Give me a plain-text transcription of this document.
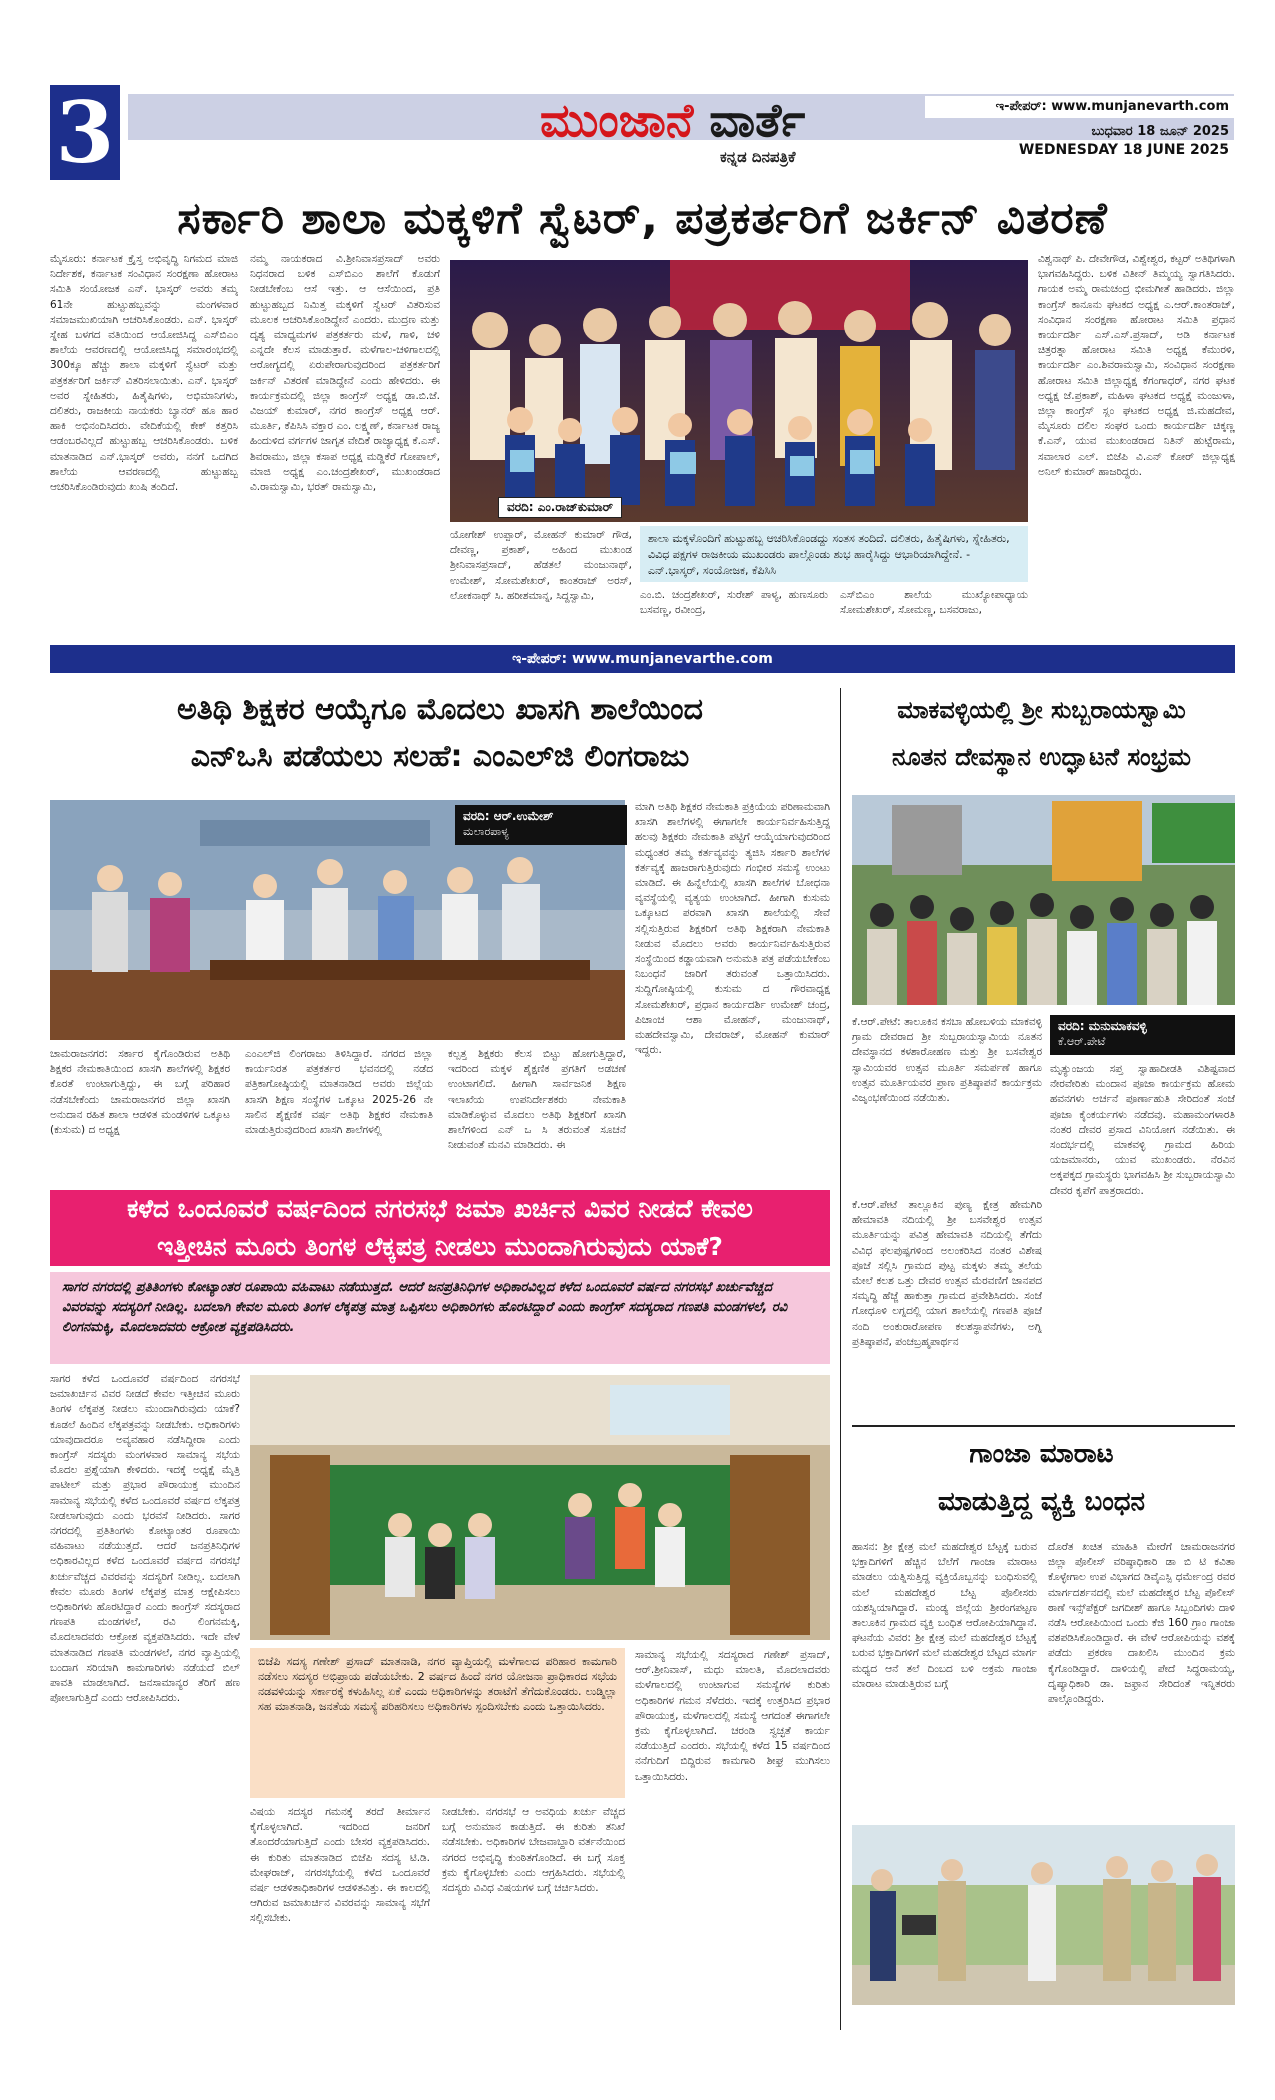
3	ಮುಂಜಾನೆ ವಾರ್ತೆ
ಕನ್ನಡ ದಿನಪತ್ರಿಕೆ
ಇ-ಪೇಪರ್: www.munjanevarth.com
ಬುಧವಾರ 18 ಜೂನ್ 2025
WEDNESDAY 18 JUNE 2025
ಸರ್ಕಾರಿ ಶಾಲಾ ಮಕ್ಕಳಿಗೆ ಸ್ವೆಟರ್, ಪತ್ರಕರ್ತರಿಗೆ ಜರ್ಕಿನ್ ವಿತರಣೆ
ಮೈಸೂರು: ಕರ್ನಾಟಕ ಕ್ರೈಸ್ತ ಅಭಿವೃದ್ಧಿ ನಿಗಮದ ಮಾಜಿ ನಿರ್ದೇಶಕ, ಕರ್ನಾಟಕ ಸಂವಿಧಾನ ಸಂರಕ್ಷಣಾ ಹೋರಾಟ ಸಮಿತಿ ಸಂಯೋಜಕ ಎನ್. ಭಾಸ್ಕರ್ ಅವರು ತಮ್ಮ 61ನೇ ಹುಟ್ಟುಹಬ್ಬವನ್ನು ಮಂಗಳವಾರ ಸಮಾಜಮುಖಿಯಾಗಿ ಆಚರಿಸಿಕೊಂಡರು. ಎನ್. ಭಾಸ್ಕರ್ ಸ್ನೇಹ ಬಳಗದ ವತಿಯಿಂದ ಆಯೋಜಿಸಿದ್ದ ಎಸ್‌ಬಿಎಂ ಶಾಲೆಯ ಆವರಣದಲ್ಲಿ ಆಯೋಜಿಸಿದ್ದ ಸಮಾರಂಭದಲ್ಲಿ 300ಕ್ಕೂ ಹೆಚ್ಚು ಶಾಲಾ ಮಕ್ಕಳಿಗೆ ಸ್ವೆಟರ್ ಮತ್ತು ಪತ್ರಕರ್ತರಿಗೆ ಜರ್ಕಿನ್ ವಿತರಿಸಲಾಯಿತು. ಎನ್. ಭಾಸ್ಕರ್ ಅವರ ಸ್ನೇಹಿತರು, ಹಿತೈಷಿಗಳು, ಅಭಿಮಾನಿಗಳು, ದಲಿತರು, ರಾಜಕೀಯ ನಾಯಕರು ಬ್ಯಾನರ್ ಹೂ ಹಾರ ಹಾಕಿ ಅಭಿನಂದಿಸಿದರು. ವೇದಿಕೆಯಲ್ಲಿ ಕೇಕ್ ಕತ್ತರಿಸಿ ಆಡಂಬರವಿಲ್ಲದೆ ಹುಟ್ಟುಹಬ್ಬ ಆಚರಿಸಿಕೊಂಡರು. ಬಳಿಕ ಮಾತನಾಡಿದ ಎನ್.ಭಾಸ್ಕರ್ ಅವರು, ನನಗೆ ಒದಗಿದ ಶಾಲೆಯ ಆವರಣದಲ್ಲಿ ಹುಟ್ಟುಹಬ್ಬ ಆಚರಿಸಿಕೊಂಡಿರುವುದು ಖುಷಿ ತಂದಿದೆ.
ನಮ್ಮ ನಾಯಕರಾದ ವಿ.ಶ್ರೀನಿವಾಸಪ್ರಸಾದ್ ಅವರು ನಿಧನರಾದ ಬಳಿಕ ಎಸ್‌ಬಿಎಂ ಶಾಲೆಗೆ ಕೊಡುಗೆ ನೀಡಬೇಕೆಂಬ ಆಸೆ ಇತ್ತು. ಆ ಆಸೆಯಿಂದ, ಪ್ರತಿ ಹುಟ್ಟುಹಬ್ಬದ ನಿಮಿತ್ತ ಮಕ್ಕಳಿಗೆ ಸ್ವೆಟರ್ ವಿತರಿಸುವ ಮೂಲಕ ಆಚರಿಸಿಕೊಂಡಿದ್ದೇನೆ ಎಂದರು. ಮುದ್ರಣ ಮತ್ತು ದೃಶ್ಯ ಮಾಧ್ಯಮಗಳ ಪತ್ರಕರ್ತರು ಮಳೆ, ಗಾಳಿ, ಚಳಿ ಎನ್ನದೇ ಕೆಲಸ ಮಾಡುತ್ತಾರೆ. ಮಳೆಗಾಲ-ಚಳಿಗಾಲದಲ್ಲಿ ಆರೋಗ್ಯದಲ್ಲಿ ಏರುಪೇರಾಗುವುದರಿಂದ ಪತ್ರಕರ್ತರಿಗೆ ಜರ್ಕಿನ್ ವಿತರಣೆ ಮಾಡಿದ್ದೇನೆ ಎಂದು ಹೇಳಿದರು. ಈ ಕಾರ್ಯಕ್ರಮದಲ್ಲಿ ಜಿಲ್ಲಾ ಕಾಂಗ್ರೆಸ್ ಅಧ್ಯಕ್ಷ ಡಾ.ಬಿ.ಜೆ. ವಿಜಯ್ ಕುಮಾರ್, ನಗರ ಕಾಂಗ್ರೆಸ್ ಅಧ್ಯಕ್ಷ ಆರ್. ಮೂರ್ತಿ, ಕೆಪಿಸಿಸಿ ವಕ್ತಾರ ಎಂ. ಲಕ್ಷ್ಮಣ್, ಕರ್ನಾಟಕ ರಾಜ್ಯ ಹಿಂದುಳಿದ ವರ್ಗಗಳ ಜಾಗೃತ ವೇದಿಕೆ ರಾಜ್ಯಾಧ್ಯಕ್ಷ ಕೆ.ಎಸ್. ಶಿವರಾಮು, ಜಿಲ್ಲಾ ಕಸಾಪ ಅಧ್ಯಕ್ಷ ಮಡ್ಡಿಕೆರೆ ಗೋಪಾಲ್, ಮಾಜಿ ಅಧ್ಯಕ್ಷ ಎಂ.ಚಂದ್ರಶೇಖರ್, ಮುಖಂಡರಾದ ವಿ.ರಾಮಸ್ವಾಮಿ, ಭರತ್ ರಾಮಸ್ವಾಮಿ,
ವರದಿ: ಎಂ.ರಾಜ್‌ಕುಮಾರ್
ಯೋಗೇಶ್ ಉಪ್ಪಾರ್, ಮೋಹನ್ ಕುಮಾರ್ ಗೌಡ, ದೇವಣ್ಣ, ಪ್ರಕಾಶ್, ಅಹಿಂದ ಮುಖಂಡ ಶ್ರೀನಿವಾಸಪ್ರಸಾದ್, ಹೆಡತಲೆ ಮಂಜುನಾಥ್, ಉಮೇಶ್, ಸೋಮಶೇಖರ್, ಕಾಂತರಾಜ್ ಅರಸ್, ಲೋಕನಾಥ್ ಸಿ. ಹರೀಶಮಾನ್ನ, ಸಿದ್ದಸ್ವಾಮಿ,
ಶಾಲಾ ಮಕ್ಕಳೊಂದಿಗೆ ಹುಟ್ಟುಹಬ್ಬ ಆಚರಿಸಿಕೊಂಡದ್ದು ಸಂತಸ ತಂದಿದೆ. ದಲಿತರು, ಹಿತೈಷಿಗಳು, ಸ್ನೇಹಿತರು, ವಿವಿಧ ಪಕ್ಷಗಳ ರಾಜಕೀಯ ಮುಖಂಡರು ಪಾಲ್ಗೊಂಡು ಶುಭ ಹಾರೈಸಿದ್ದು ಆಭಾರಿಯಾಗಿದ್ದೇನೆ. - ಎನ್.ಭಾಸ್ಕರ್, ಸಂಯೋಜಕ, ಕೆಪಿಸಿಸಿ
ಎಂ.ಬಿ. ಚಂದ್ರಶೇಖರ್, ಸುರೇಶ್ ಪಾಳ್ಯ, ಹುಣಸೂರು ಬಸವಣ್ಣ, ರವೀಂದ್ರ,
ಎಸ್‌ಬಿಎಂ ಶಾಲೆಯ ಮುಖ್ಯೋಪಾಧ್ಯಾಯ ಸೋಮಶೇಖರ್, ಸೋಮಣ್ಣ, ಬಸವರಾಜು,
ವಿಶ್ವನಾಥ್ ಪಿ. ದೇವೇಗೌಡ, ವಿಶ್ವೇಶ್ವರ, ಕಟ್ಟರ್ ಅತಿಥಿಗಳಾಗಿ ಭಾಗವಹಿಸಿದ್ದರು. ಬಳಿಕ ವಿತೀನ್ ತಿಮ್ಮಯ್ಯ ಸ್ವಾಗತಿಸಿದರು. ಗಾಯಕ ಅಮ್ಮ ರಾಮಚಂದ್ರ ಭೀಮಗೀತೆ ಹಾಡಿದರು. ಜಿಲ್ಲಾ ಕಾಂಗ್ರೆಸ್ ಕಾನೂನು ಘಟಕದ ಅಧ್ಯಕ್ಷ ಎ.ಆರ್.ಕಾಂತರಾಜ್, ಸಂವಿಧಾನ ಸಂರಕ್ಷಣಾ ಹೋರಾಟ ಸಮಿತಿ ಪ್ರಧಾನ ಕಾರ್ಯದರ್ಶಿ ಎಸ್.ಎಸ್.ಪ್ರಸಾದ್, ಅಡಿ ಕರ್ನಾಟಕ ಚಿತ್ರರತ್ನಾ ಹೋರಾಟ ಸಮಿತಿ ಅಧ್ಯಕ್ಷ ಕೆಮುರಳಿ, ಕಾರ್ಯದರ್ಶಿ ಎಂ.ಶಿವರಾಮಸ್ವಾಮಿ, ಸಂವಿಧಾನ ಸಂರಕ್ಷಣಾ ಹೋರಾಟ ಸಮಿತಿ ಜಿಲ್ಲಾಧ್ಯಕ್ಷ ಕೆಗಂಗಾಧರ್, ನಗರ ಘಟಕ ಅಧ್ಯಕ್ಷ ಜೆ.ಪ್ರಕಾಶ್, ಮಹಿಳಾ ಘಟಕದ ಅಧ್ಯಕ್ಷೆ ಮಂಜುಳಾ, ಜಿಲ್ಲಾ ಕಾಂಗ್ರೆಸ್ ಸ್ಲಂ ಘಟಕದ ಅಧ್ಯಕ್ಷ ಜಿ.ಮಹದೇವ, ಮೈಸೂರು ದಲಿಲ ಸಂಘರ ಒಂದು ಕಾರ್ಯದರ್ಶಿ ಚಿಕ್ಕಣ್ಣ ಕೆ.ಎನ್, ಯುವ ಮುಖಂಡರಾದ ನಿತಿನ್ ಹುಟ್ಟೆರಾಮ, ಸವಾಲಾರ ಎಲ್. ಬಿಜೆಪಿ ವಿ.ಎನ್ ಕೋರ್ ಜಿಲ್ಲಾಧ್ಯಕ್ಷ ಅನಿಲ್ ಕುಮಾರ್ ಹಾಜರಿದ್ದರು.
ಇ-ಪೇಪರ್: www.munjanevarthe.com
ಅತಿಥಿ ಶಿಕ್ಷಕರ ಆಯ್ಕೆಗೂ ಮೊದಲು ಖಾಸಗಿ ಶಾಲೆಯಿಂದ
ಎನ್‌ಒಸಿ ಪಡೆಯಲು ಸಲಹೆ: ಎಂಎಲ್‌ಜಿ ಲಿಂಗರಾಜು
ವರದಿ: ಆರ್.ಉಮೇಶ್
ಮಲಾರಪಾಳ್ಯ
ಮಾಗಿ ಅತಿಥಿ ಶಿಕ್ಷಕರ ನೇಮಕಾತಿ ಪ್ರಕ್ರಿಯೆಯ ಪರಿಣಾಮವಾಗಿ ಖಾಸಗಿ ಶಾಲೆಗಳಲ್ಲಿ ಈಗಾಗಲೇ ಕಾರ್ಯನಿರ್ವಹಿಸುತ್ತಿದ್ದ ಹಲವು ಶಿಕ್ಷಕರು ನೇಮಕಾತಿ ಪಟ್ಟಿಗೆ ಆಯ್ಕೆಯಾಗುವುದರಿಂದ ಮಧ್ಯಂತರ ತಮ್ಮ ಕರ್ತವ್ಯವನ್ನು ತ್ಯಜಿಸಿ ಸರ್ಕಾರಿ ಶಾಲೆಗಳ ಕರ್ತವ್ಯಕ್ಕೆ ಹಾಜರಾಗುತ್ತಿರುವುದು ಗಂಭೀರ ಸಮಸ್ಯೆ ಉಂಟು ಮಾಡಿದೆ. ಈ ಹಿನ್ನೆಲೆಯಲ್ಲಿ ಖಾಸಗಿ ಶಾಲೆಗಳ ಬೋಧನಾ ವ್ಯವಸ್ಥೆಯಲ್ಲಿ ವ್ಯತ್ಯಯ ಉಂಟಾಗಿದೆ. ಹೀಗಾಗಿ ಕುಸುಮ ಒಕ್ಕೂಟದ ಪರವಾಗಿ ಖಾಸಗಿ ಶಾಲೆಯಲ್ಲಿ ಸೇವೆ ಸಲ್ಲಿಸುತ್ತಿರುವ ಶಿಕ್ಷಕರಿಗೆ ಅತಿಥಿ ಶಿಕ್ಷಕರಾಗಿ ನೇಮಕಾತಿ ನೀಡುವ ಮೊದಲು ಅವರು ಕಾರ್ಯನಿರ್ವಹಿಸುತ್ತಿರುವ ಸಂಸ್ಥೆಯಿಂದ ಕಡ್ಡಾಯವಾಗಿ ಅನುಮತಿ ಪತ್ರ ಪಡೆಯಬೇಕೆಂಬ ನಿಬಂಧನೆ ಜಾರಿಗೆ ತರುವಂತೆ ಒತ್ತಾಯಿಸಿದರು. ಸುದ್ದಿಗೋಷ್ಠಿಯಲ್ಲಿ ಕುಸುಮ ದ ಗೌರವಾಧ್ಯಕ್ಷ ಸೋಮಶೇಖರ್, ಪ್ರಧಾನ ಕಾರ್ಯದರ್ಶಿ ಉಮೇಶ್ ಚಂದ್ರ, ಪಿಚಾಂಚ ಆಶಾ ಮೋಹನ್, ಮಂಜುನಾಥ್, ಮಹದೇವಸ್ವಾಮಿ, ದೇವರಾಜ್, ಮೋಹನ್ ಕುಮಾರ್ ಇದ್ದರು.
ಚಾಮರಾಜನಗರ: ಸರ್ಕಾರ ಕೈಗೊಂಡಿರುವ ಅತಿಥಿ ಶಿಕ್ಷಕರ ನೇಮಕಾತಿಯಿಂದ ಖಾಸಗಿ ಶಾಲೆಗಳಲ್ಲಿ ಶಿಕ್ಷಕರ ಕೊರತೆ ಉಂಟಾಗುತ್ತಿದ್ದು, ಈ ಬಗ್ಗೆ ಪರಿಹಾರ ನಡೆಸಬೇಕೆಂದು ಚಾಮರಾಜನಗರ ಜಿಲ್ಲಾ ಖಾಸಗಿ ಅನುದಾನ ರಹಿತ ಶಾಲಾ ಆಡಳಿತ ಮಂಡಳಿಗಳ ಒಕ್ಕೂಟ (ಕುಸುಮ) ದ ಅಧ್ಯಕ್ಷ
ಎಂಎಲ್‌ಜಿ ಲಿಂಗರಾಜು ತಿಳಿಸಿದ್ದಾರೆ. ನಗರದ ಜಿಲ್ಲಾ ಕಾರ್ಯನಿರತ ಪತ್ರಕರ್ತರ ಭವನದಲ್ಲಿ ನಡೆದ ಪತ್ರಿಕಾಗೋಷ್ಠಿಯಲ್ಲಿ ಮಾತನಾಡಿದ ಅವರು ಜಿಲ್ಲೆಯ ಖಾಸಗಿ ಶಿಕ್ಷಣ ಸಂಸ್ಥೆಗಳ ಒಕ್ಕೂಟ 2025-26 ನೇ ಸಾಲಿನ ಶೈಕ್ಷಣಿಕ ವರ್ಷ ಅತಿಥಿ ಶಿಕ್ಷಕರ ನೇಮಕಾತಿ ಮಾಡುತ್ತಿರುವುದರಿಂದ ಖಾಸಗಿ ಶಾಲೆಗಳಲ್ಲಿ
ಕಲ್ಪತ್ತ ಶಿಕ್ಷಕರು ಕೆಲಸ ಬಿಟ್ಟು ಹೋಗುತ್ತಿದ್ದಾರೆ, ಇದರಿಂದ ಮಕ್ಕಳ ಶೈಕ್ಷಣಿಕ ಪ್ರಗತಿಗೆ ಅಡಚಣೆ ಉಂಟಾಗಲಿದೆ. ಹೀಗಾಗಿ ಸಾರ್ವಜನಿಕ ಶಿಕ್ಷಣ ಇಲಾಖೆಯ ಉಪನಿರ್ದೇಶಕರು ನೇಮಕಾತಿ ಮಾಡಿಕೊಳ್ಳುವ ಮೊದಲು ಅತಿಥಿ ಶಿಕ್ಷಕರಿಗೆ ಖಾಸಗಿ ಶಾಲೆಗಳಿಂದ ಎನ್ ಒ ಸಿ ತರುವಂತೆ ಸೂಚನೆ ನೀಡುವಂತೆ ಮನವಿ ಮಾಡಿದರು. ಈ
ಮಾಕವಳ್ಳಿಯಲ್ಲಿ ಶ್ರೀ ಸುಬ್ಬರಾಯಸ್ವಾಮಿ
ನೂತನ ದೇವಸ್ಥಾನ ಉದ್ಘಾಟನೆ ಸಂಭ್ರಮ
ಕೆ.ಆರ್.ಪೇಟೆ: ತಾಲೂಕಿನ ಕಸಬಾ ಹೋಬಳಿಯ ಮಾಕವಳ್ಳಿ ಗ್ರಾಮ ದೇವರಾದ ಶ್ರೀ ಸುಬ್ಬರಾಯಸ್ವಾಮಿಯ ನೂತನ ದೇವಸ್ಥಾನದ ಕಳಶಾರೋಹಣ ಮತ್ತು ಶ್ರೀ ಬಸವೇಶ್ವರ ಸ್ವಾಮಿಯವರ ಉತ್ಸವ ಮೂರ್ತಿ ಸಮರ್ಪಣೆ ಹಾಗೂ ಉತ್ಸವ ಮೂರ್ತಿಯವರ ಪ್ರಾಣ ಪ್ರತಿಷ್ಠಾಪನೆ ಕಾರ್ಯಕ್ರಮ ವಿಜೃಂಭಣೆಯಿಂದ ನಡೆಯಿತು.
ವರದಿ: ಮನುಮಾಕವಳ್ಳಿ
ಕೆ.ಆರ್.ಪೇಟೆ
ಕೆ.ಆರ್.ಪೇಟೆ ತಾಲ್ಲೂಕಿನ ಪುಣ್ಯ ಕ್ಷೇತ್ರ ಹೇಮಗಿರಿ ಹೇಮಾವತಿ ನದಿಯಲ್ಲಿ ಶ್ರೀ ಬಸವೇಶ್ವರ ಉತ್ಸವ ಮೂರ್ತಿಯನ್ನು ಪವಿತ್ರ ಹೇಮಾವತಿ ನದಿಯಲ್ಲಿ ತೆಗೆದು ವಿವಿಧ ಫಲಪುಷ್ಪಗಳಿಂದ ಅಲಂಕರಿಸಿದ ನಂತರ ವಿಶೇಷ ಪೂಜೆ ಸಲ್ಲಿಸಿ ಗ್ರಾಮದ ಪುಟ್ಟ ಮಕ್ಕಳು ತಮ್ಮ ತಲೆಯ ಮೇಲೆ ಕಲಶ ಒತ್ತು ದೇವರ ಉತ್ಸವ ಮೆರವಣಿಗೆ ಜಾನಪದ ಸಮೃದ್ಧಿ ಹೆಜ್ಜೆ ಹಾಕುತ್ತಾ ಗ್ರಾಮದ ಪ್ರವೇಶಿಸಿದರು. ಸಂಜೆ ಗೋಧೂಳಿ ಲಗ್ನದಲ್ಲಿ ಯಾಗ ಶಾಲೆಯಲ್ಲಿ ಗಣಪತಿ ಪೂಜೆ ನಂದಿ ಅಂಕುರಾರೋಪಣ ಕಲಶಸ್ಥಾಪನೆಗಳು, ಅಗ್ನಿ ಪ್ರತಿಷ್ಠಾಪನೆ, ಪಂಚಬ್ರಹ್ಮಪಾರ್ಥನ
ಮೃತ್ಯುಂಜಯ ಸಪ್ತ ಸ್ವಾಹಾದೀಡತಿ ವಿಶಿಷ್ಟವಾದ ನೇರವೇರಿತು ಮಂದಾನ ಪೂಜಾ ಕಾರ್ಯಕ್ರಮ ಹೋಮ ಹವನಗಳು ಅರ್ಚನೆ ಪೂರ್ಣಾಹುತಿ ಸೇರಿದಂತೆ ಸಂಜೆ ಪೂಜಾ ಕೈಂಕರ್ಯಗಳು ನಡೆದವು. ಮಹಾಮಂಗಳಾರತಿ ನಂತರ ದೇವರ ಪ್ರಸಾದ ವಿನಿಯೋಗ ನಡೆಯಿತು. ಈ ಸಂದರ್ಭದಲ್ಲಿ ಮಾಕವಳ್ಳಿ ಗ್ರಾಮದ ಹಿರಿಯ ಯಜಮಾನರು, ಯುವ ಮುಖಂಡರು. ನೆರವಿನ ಅಕ್ಕಪಕ್ಕದ ಗ್ರಾಮಸ್ಥರು ಭಾಗವಹಿಸಿ ಶ್ರೀ ಸುಬ್ಬರಾಯಸ್ವಾಮಿ ದೇವರ ಕೃಪೆಗೆ ಪಾತ್ರರಾದರು.
ಕಳೆದ ಒಂದೂವರೆ ವರ್ಷದಿಂದ ನಗರಸಭೆ ಜಮಾ ಖರ್ಚಿನ ವಿವರ ನೀಡದೆ ಕೇವಲ
ಇತ್ತೀಚಿನ ಮೂರು ತಿಂಗಳ ಲೆಕ್ಕಪತ್ರ ನೀಡಲು ಮುಂದಾಗಿರುವುದು ಯಾಕೆ?
ಸಾಗರ ನಗರದಲ್ಲಿ ಪ್ರತಿತಿಂಗಳು ಕೋಟ್ಯಾಂತರ ರೂಪಾಯಿ ವಹಿವಾಟು ನಡೆಯುತ್ತದೆ. ಆದರೆ ಜನಪ್ರತಿನಿಧಿಗಳ ಅಧಿಕಾರವಿಲ್ಲದ ಕಳೆದ ಒಂದೂವರೆ ವರ್ಷದ ನಗರಸಭೆ ಖರ್ಚುವೆಚ್ಚದ ವಿವರವನ್ನು ಸದಸ್ಯರಿಗೆ ನೀಡಿಲ್ಲ. ಬದಲಾಗಿ ಕೇವಲ ಮೂರು ತಿಂಗಳ ಲೆಕ್ಕಪತ್ರ ಮಾತ್ರ ಒಪ್ಪಿಸಲು ಅಧಿಕಾರಿಗಳು ಹೊರಟಿದ್ದಾರೆ ಎಂದು ಕಾಂಗ್ರೆಸ್ ಸದಸ್ಯರಾದ ಗಣಪತಿ ಮಂಡಗಳಲೆ, ರವಿ ಲಿಂಗನಮಕ್ಕಿ, ಮೊದಲಾದವರು ಆಕ್ರೋಶ ವ್ಯಕ್ತಪಡಿಸಿದರು.
ಸಾಗರ ಕಳೆದ ಒಂದೂವರೆ ವರ್ಷದಿಂದ ನಗರಸಭೆ ಜಮಾಖರ್ಚಿನ ವಿವರ ನೀಡದೆ ಕೇವಲ ಇತ್ತೀಚಿನ ಮೂರು ತಿಂಗಳ ಲೆಕ್ಕಪತ್ರ ನೀಡಲು ಮುಂದಾಗಿರುವುದು ಯಾಕೆ? ಕೂಡಲೆ ಹಿಂದಿನ ಲೆಕ್ಕಪತ್ರವನ್ನು ನೀಡಬೇಕು. ಅಧಿಕಾರಿಗಳು ಯಾವುದಾದರೂ ಅವ್ಯವಹಾರ ನಡೆಸಿದ್ದೀರಾ ಎಂದು ಕಾಂಗ್ರೆಸ್ ಸದಸ್ಯರು ಮಂಗಳವಾರ ಸಾಮಾನ್ಯ ಸಭೆಯ ಮೊದಲ ಪ್ರಶ್ನೆಯಾಗಿ ಕೇಳಿದರು. ಇದಕ್ಕೆ ಅಧ್ಯಕ್ಷೆ ಮೈತ್ರಿ ಪಾಟೀಲ್ ಮತ್ತು ಪ್ರಭಾರ ಪೌರಾಯುಕ್ತ ಮುಂದಿನ ಸಾಮಾನ್ಯ ಸಭೆಯಲ್ಲಿ ಕಳೆದ ಒಂದೂವರೆ ವರ್ಷದ ಲೆಕ್ಕಪತ್ರ ನೀಡಲಾಗುವುದು ಎಂದು ಭರವಸೆ ನೀಡಿದರು. ಸಾಗರ ನಗರದಲ್ಲಿ ಪ್ರತಿತಿಂಗಳು ಕೋಟ್ಯಾಂತರ ರೂಪಾಯಿ ವಹಿವಾಟು ನಡೆಯುತ್ತದೆ. ಆದರೆ ಜನಪ್ರತಿನಿಧಿಗಳ ಅಧಿಕಾರವಿಲ್ಲದ ಕಳೆದ ಒಂದೂವರೆ ವರ್ಷದ ನಗರಸಭೆ ಖರ್ಚುವೆಚ್ಚದ ವಿವರವನ್ನು ಸದಸ್ಯರಿಗೆ ನೀಡಿಲ್ಲ. ಬದಲಾಗಿ ಕೇವಲ ಮೂರು ತಿಂಗಳ ಲೆಕ್ಕಪತ್ರ ಮಾತ್ರ ಆಕ್ಷೇಪಿಸಲು ಅಧಿಕಾರಿಗಳು ಹೊರಟಿದ್ದಾರೆ ಎಂದು ಕಾಂಗ್ರೆಸ್ ಸದಸ್ಯರಾದ ಗಣಪತಿ ಮಂಡಗಳಲೆ, ರವಿ ಲಿಂಗನಮಕ್ಕಿ, ಮೊದಲಾದವರು ಆಕ್ರೋಶ ವ್ಯಕ್ತಪಡಿಸಿದರು. ಇದೇ ವೇಳೆ ಮಾತನಾಡಿದ ಗಣಪತಿ ಮಂಡಗಳಲೆ, ನಗರ ವ್ಯಾಪ್ತಿಯಲ್ಲಿ ಬಂದಾಗ ಸರಿಯಾಗಿ ಕಾಮಗಾರಿಗಳು ನಡೆಯದೆ ಬಿಲ್ ಪಾವತಿ ಮಾಡಲಾಗಿದೆ. ಜನಸಾಮಾನ್ಯರ ತೆರಿಗೆ ಹಣ ಪೋಲಾಗುತ್ತಿದೆ ಎಂದು ಆರೋಪಿಸಿದರು.
ಬಿಜೆಪಿ ಸದಸ್ಯ ಗಣೇಶ್ ಪ್ರಸಾದ್ ಮಾತನಾಡಿ, ನಗರ ವ್ಯಾಪ್ತಿಯಲ್ಲಿ ಮಳೆಗಾಲದ ಪರಿಹಾರ ಕಾಮಗಾರಿ ನಡೆಸಲು ಸದಸ್ಯರ ಅಭಿಪ್ರಾಯ ಪಡೆಯಬೇಕು. 2 ವರ್ಷದ ಹಿಂದೆ ನಗರ ಯೋಜನಾ ಪ್ರಾಧಿಕಾರದ ಸಭೆಯ ನಡವಳಿಯನ್ನು ಸರ್ಕಾರಕ್ಕೆ ಕಳುಹಿಸಿಲ್ಲ ಏಕೆ ಎಂದು ಅಧಿಕಾರಿಗಳನ್ನು ತರಾಟೆಗೆ ತೆಗೆದುಕೊಂಡರು. ಲುಡ್ಮಿಲ್ಲಾ ಸಹ ಮಾತನಾಡಿ, ಜನತೆಯ ಸಮಸ್ಯೆ ಪರಿಹರಿಸಲು ಅಧಿಕಾರಿಗಳು ಸ್ಪಂದಿಸಬೇಕು ಎಂದು ಒತ್ತಾಯಿಸಿದರು.
ಸಾಮಾನ್ಯ ಸಭೆಯಲ್ಲಿ ಸದಸ್ಯರಾದ ಗಣೇಶ್ ಪ್ರಸಾದ್, ಆರ್.ಶ್ರೀನಿವಾಸ್, ಮಧು ಮಾಲತಿ, ಮೊದಲಾದವರು ಮಳೆಗಾಲದಲ್ಲಿ ಉಂಟಾಗುವ ಸಮಸ್ಯೆಗಳ ಕುರಿತು ಅಧಿಕಾರಿಗಳ ಗಮನ ಸೆಳೆದರು. ಇದಕ್ಕೆ ಉತ್ತರಿಸಿದ ಪ್ರಭಾರ ಪೌರಾಯುಕ್ತ, ಮಳೆಗಾಲದಲ್ಲಿ ಸಮಸ್ಯೆ ಆಗದಂತೆ ಈಗಾಗಲೇ ಕ್ರಮ ಕೈಗೊಳ್ಳಲಾಗಿದೆ. ಚರಂಡಿ ಸ್ವಚ್ಛತೆ ಕಾರ್ಯ ನಡೆಯುತ್ತಿದೆ ಎಂದರು. ಸಭೆಯಲ್ಲಿ ಕಳೆದ 15 ವರ್ಷದಿಂದ ನನೆಗುದಿಗೆ ಬಿದ್ದಿರುವ ಕಾಮಗಾರಿ ಶೀಘ್ರ ಮುಗಿಸಲು ಒತ್ತಾಯಿಸಿದರು.
ವಿಷಯ ಸದಸ್ಯರ ಗಮನಕ್ಕೆ ತರದೆ ತೀರ್ಮಾನ ಕೈಗೊಳ್ಳಲಾಗಿದೆ. ಇದರಿಂದ ಜನರಿಗೆ ತೊಂದರೆಯಾಗುತ್ತಿದೆ ಎಂದು ಬೇಸರ ವ್ಯಕ್ತಪಡಿಸಿದರು. ಈ ಕುರಿತು ಮಾತನಾಡಿದ ಬಿಜೆಪಿ ಸದಸ್ಯ ಟಿ.ಡಿ. ಮೇಘರಾಜ್, ನಗರಸಭೆಯಲ್ಲಿ ಕಳೆದ ಒಂದೂವರೆ ವರ್ಷ ಆಡಳಿತಾಧಿಕಾರಿಗಳ ಆಡಳಿತವಿತ್ತು. ಈ ಕಾಲದಲ್ಲಿ ಆಗಿರುವ ಜಮಾಖರ್ಚಿನ ವಿವರವನ್ನು ಸಾಮಾನ್ಯ ಸಭೆಗೆ ಸಲ್ಲಿಸಬೇಕು.
ನೀಡಬೇಕು. ನಗರಸಭೆ ಆ ಅವಧಿಯ ಖರ್ಚು ವೆಚ್ಚದ ಬಗ್ಗೆ ಅನುಮಾನ ಕಾಡುತ್ತಿದೆ. ಈ ಕುರಿತು ತನಿಖೆ ನಡೆಸಬೇಕು. ಅಧಿಕಾರಿಗಳ ಬೇಜವಾಬ್ದಾರಿ ವರ್ತನೆಯಿಂದ ನಗರದ ಅಭಿವೃದ್ಧಿ ಕುಂಠಿತಗೊಂಡಿದೆ. ಈ ಬಗ್ಗೆ ಸೂಕ್ತ ಕ್ರಮ ಕೈಗೊಳ್ಳಬೇಕು ಎಂದು ಆಗ್ರಹಿಸಿದರು. ಸಭೆಯಲ್ಲಿ ಸದಸ್ಯರು ವಿವಿಧ ವಿಷಯಗಳ ಬಗ್ಗೆ ಚರ್ಚಿಸಿದರು.
ಗಾಂಜಾ ಮಾರಾಟ
ಮಾಡುತ್ತಿದ್ದ ವ್ಯಕ್ತಿ ಬಂಧನ
ಹಾಸನ: ಶ್ರೀ ಕ್ಷೇತ್ರ ಮಲೆ ಮಹದೇಶ್ವರ ಬೆಟ್ಟಕ್ಕೆ ಬರುವ ಭಕ್ತಾದಿಗಳಿಗೆ ಹೆಚ್ಚಿನ ಬೆಲೆಗೆ ಗಾಂಜಾ ಮಾರಾಟ ಮಾಡಲು ಯತ್ನಿಸುತ್ತಿದ್ದ ವ್ಯಕ್ತಿಯೊಬ್ಬನನ್ನು ಬಂಧಿಸುವಲ್ಲಿ ಮಲೆ ಮಹದೇಶ್ವರ ಬೆಟ್ಟ ಪೊಲೀಸರು ಯಶಸ್ವಿಯಾಗಿದ್ದಾರೆ. ಮಂಡ್ಯ ಜಿಲ್ಲೆಯ ಶ್ರೀರಂಗಪಟ್ಟಣ ತಾಲೂಕಿನ ಗ್ರಾಮದ ವ್ಯಕ್ತಿ ಬಂಧಿತ ಆರೋಪಿಯಾಗಿದ್ದಾನೆ. ಘಟನೆಯ ವಿವರ: ಶ್ರೀ ಕ್ಷೇತ್ರ ಮಲೆ ಮಹದೇಶ್ವರ ಬೆಟ್ಟಕ್ಕೆ ಬರುವ ಭಕ್ತಾದಿಗಳಿಗೆ ಮಲೆ ಮಹದೇಶ್ವರ ಬೆಟ್ಟದ ಮಾರ್ಗ ಮಧ್ಯದ ಆನೆ ತಲೆ ದಿಂಬದ ಬಳಿ ಅಕ್ರಮ ಗಾಂಜಾ ಮಾರಾಟ ಮಾಡುತ್ತಿರುವ ಬಗ್ಗೆ
ದೊರೆತ ಖಚಿತ ಮಾಹಿತಿ ಮೇರೆಗೆ ಚಾಮರಾಜನಗರ ಜಿಲ್ಲಾ ಪೊಲೀಸ್ ವರಿಷ್ಠಾಧಿಕಾರಿ ಡಾ ಬಿ ಟಿ ಕವಿತಾ ಕೊಳ್ಳೇಗಾಲ ಉಪ ವಿಭಾಗದ ಡಿವೈಎಸ್ಪಿ ಧರ್ಮೇಂದ್ರ ರವರ ಮಾರ್ಗದರ್ಶನದಲ್ಲಿ ಮಲೆ ಮಹದೇಶ್ವರ ಬೆಟ್ಟ ಪೊಲೀಸ್ ಠಾಣೆ ಇನ್ಸ್‌ಪೆಕ್ಟರ್ ಜಗದೀಶ್ ಹಾಗೂ ಸಿಬ್ಬಂದಿಗಳು ದಾಳಿ ನಡೆಸಿ ಆರೋಪಿಯಿಂದ ಒಂದು ಕೆಜಿ 160 ಗ್ರಾಂ ಗಾಂಜಾ ವಶಪಡಿಸಿಕೊಂಡಿದ್ದಾರೆ. ಈ ವೇಳೆ ಆರೋಪಿಯನ್ನು ವಶಕ್ಕೆ ಪಡೆದು ಪ್ರಕರಣ ದಾಖಲಿಸಿ ಮುಂದಿನ ಕ್ರಮ ಕೈಗೊಂಡಿದ್ದಾರೆ. ದಾಳಿಯಲ್ಲಿ ಪೇದೆ ಸಿದ್ಧರಾಮಯ್ಯ, ದೃಷ್ಯಾಧಿಕಾರಿ ಡಾ. ಜಫ್ರಾನ ಸೇರಿದಂತೆ ಇನ್ನಿತರರು ಪಾಲ್ಗೊಂಡಿದ್ದರು.
